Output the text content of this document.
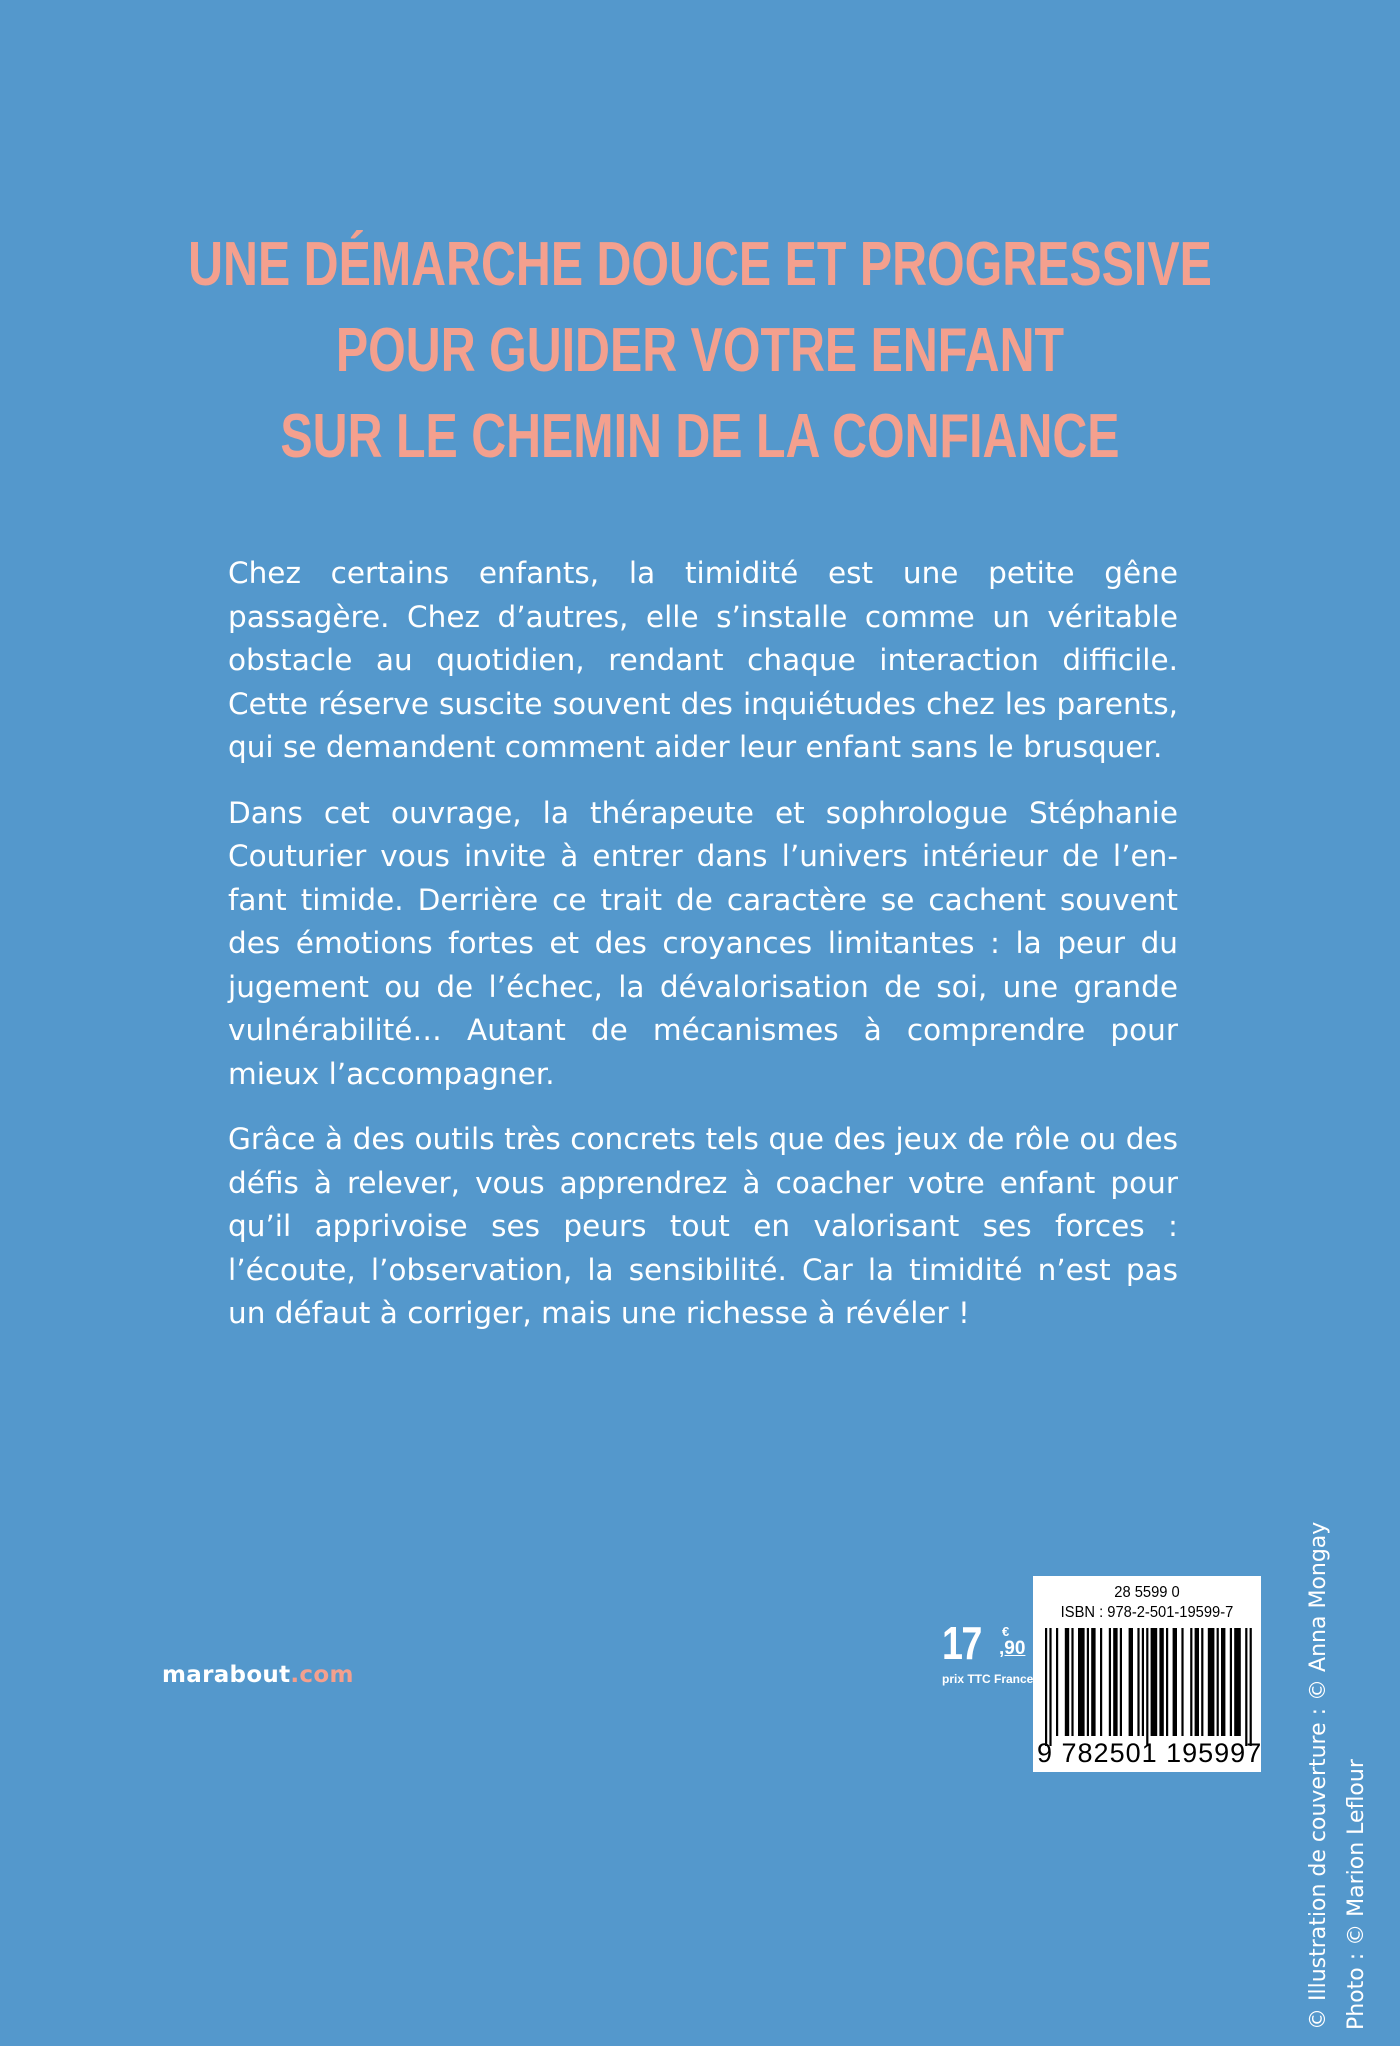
UNE DÉMARCHE DOUCE ET PROGRESSIVE
POUR GUIDER VOTRE ENFANT
SUR LE CHEMIN DE LA CONFIANCE

Chez certains enfants, la timidité est une petite gêne passagère. Chez d’autres, elle s’installe comme un véritable obstacle au quotidien, rendant chaque interaction difficile. Cette réserve suscite souvent des inquiétudes chez les parents, qui se demandent comment aider leur enfant sans le brusquer.

Dans cet ouvrage, la thérapeute et sophrologue Stéphanie Couturier vous invite à entrer dans l’univers intérieur de l’enfant timide. Derrière ce trait de caractère se cachent souvent des émotions fortes et des croyances limitantes : la peur du jugement ou de l’échec, la dévalorisation de soi, une grande vulnérabilité… Autant de mécanismes à comprendre pour mieux l’accompagner.

Grâce à des outils très concrets tels que des jeux de rôle ou des défis à relever, vous apprendrez à coacher votre enfant pour qu’il apprivoise ses peurs tout en valorisant ses forces : l’écoute, l’observation, la sensibilité. Car la timidité n’est pas un défaut à corriger, mais une richesse à révéler !

© Illustration de couverture : © Anna Mongay Photo : © Marion Leflour
marabout.com
17 €
,90
prix TTC France
28 5599 0
ISBN : 978-2-501-19599-7
9 782501 195997
